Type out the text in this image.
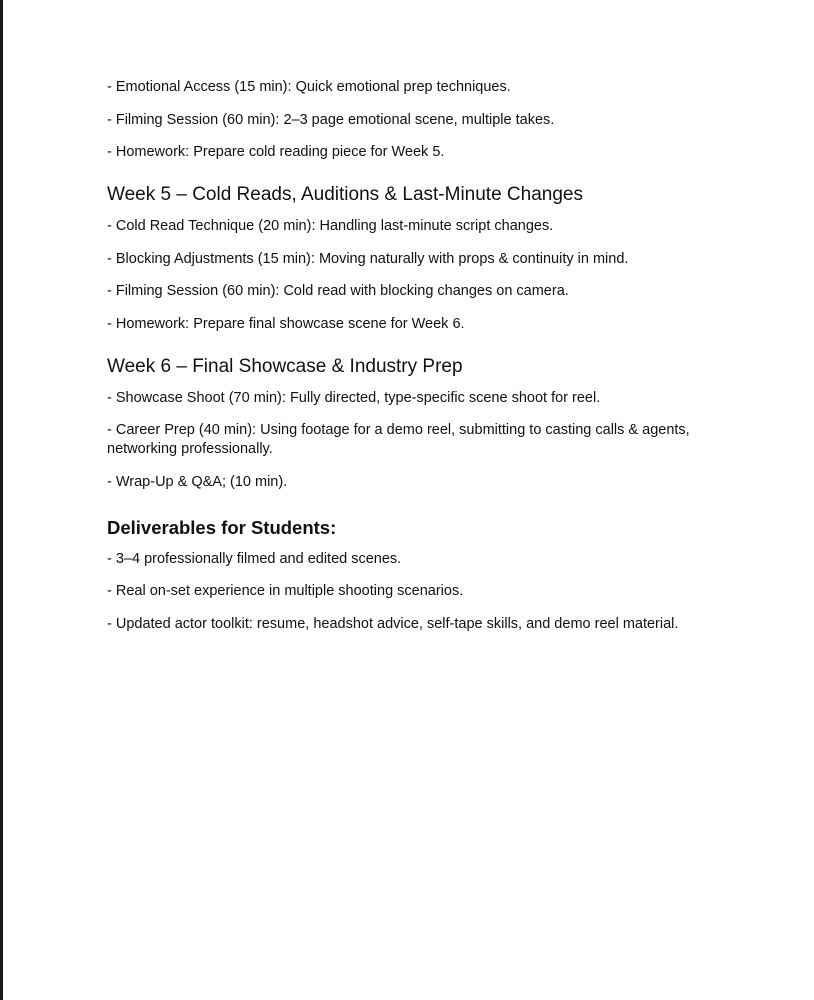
- Emotional Access (15 min): Quick emotional prep techniques.

- Filming Session (60 min): 2–3 page emotional scene, multiple takes.

- Homework: Prepare cold reading piece for Week 5.

Week 5 – Cold Reads, Auditions & Last-Minute Changes

- Cold Read Technique (20 min): Handling last-minute script changes.

- Blocking Adjustments (15 min): Moving naturally with props & continuity in mind.

- Filming Session (60 min): Cold read with blocking changes on camera.

- Homework: Prepare final showcase scene for Week 6.

Week 6 – Final Showcase & Industry Prep

- Showcase Shoot (70 min): Fully directed, type-specific scene shoot for reel.

- Career Prep (40 min): Using footage for a demo reel, submitting to casting calls & agents, networking professionally.

- Wrap-Up & Q&A; (10 min).

Deliverables for Students:

- 3–4 professionally filmed and edited scenes.

- Real on-set experience in multiple shooting scenarios.

- Updated actor toolkit: resume, headshot advice, self-tape skills, and demo reel material.
